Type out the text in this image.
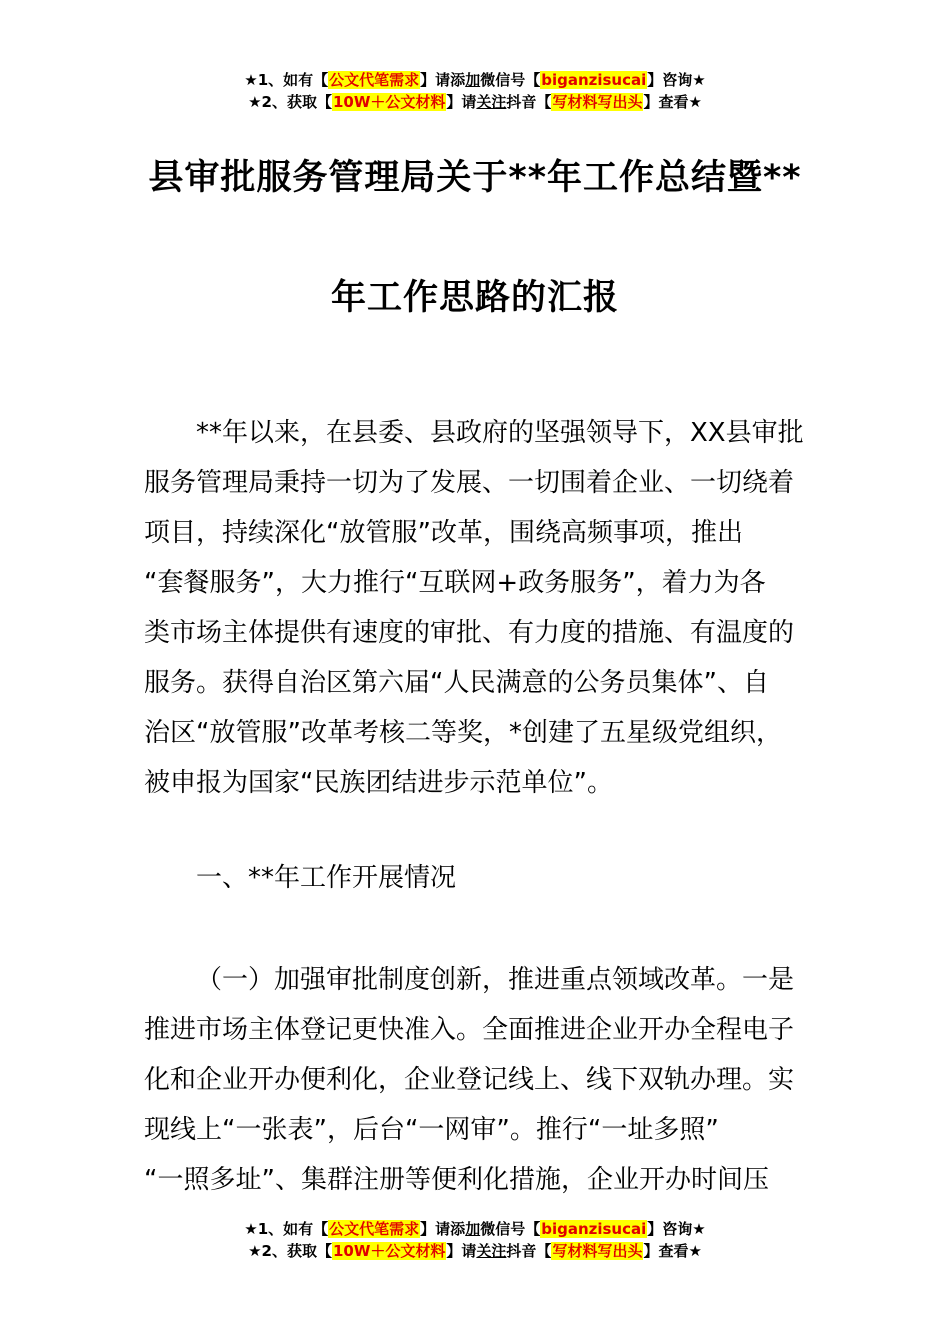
★1、如有【公文代笔需求】请添加微信号【biganzisucai】咨询★
★2、获取【10W＋公文材料】请关注抖音【写材料写出头】查看★
县审批服务管理局关于**年工作总结暨**
年工作思路的汇报
**年以来，在县委、县政府的坚强领导下，XX县审批
服务管理局秉持一切为了发展、一切围着企业、一切绕着
项目，持续深化“放管服”改革，围绕高频事项，推出
“套餐服务”，大力推行“互联网+政务服务”，着力为各
类市场主体提供有速度的审批、有力度的措施、有温度的
服务。获得自治区第六届“人民满意的公务员集体”、自
治区“放管服”改革考核二等奖，*创建了五星级党组织，
被申报为国家“民族团结进步示范单位”。
一、**年工作开展情况
（一）加强审批制度创新，推进重点领域改革。一是
推进市场主体登记更快准入。全面推进企业开办全程电子
化和企业开办便利化，企业登记线上、线下双轨办理。实
现线上“一张表”，后台“一网审”。推行“一址多照”
“一照多址”、集群注册等便利化措施，企业开办时间压
★1、如有【公文代笔需求】请添加微信号【biganzisucai】咨询★
★2、获取【10W＋公文材料】请关注抖音【写材料写出头】查看★
